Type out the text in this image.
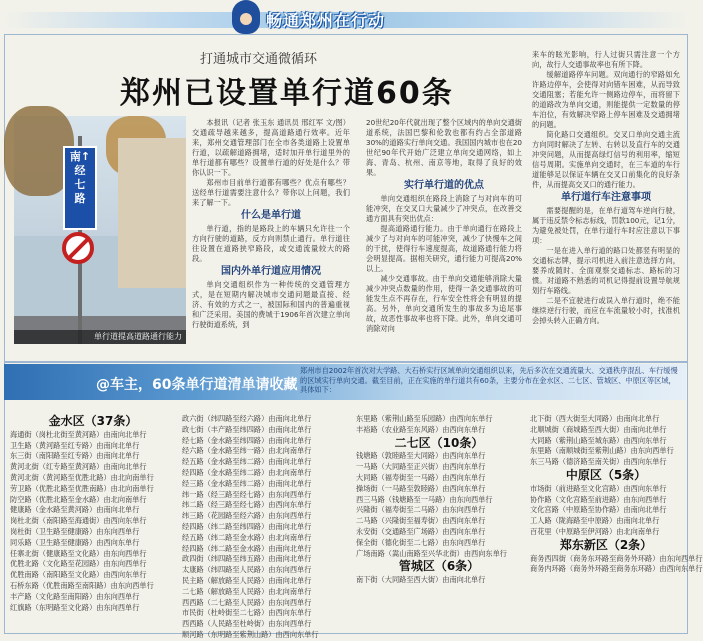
畅通郑州在行动
打通城市交通微循环
郑州已设置单行道60条
南↑
经
七
路
单行道提高道路通行能力

本报讯（记者 张玉东 通讯员 邢红军 文/图）交通疏导越来越多，提高道路通行效率。近年来，郑州交通管理部门在全市各类道路上设置单行道，以疏解道路拥堵，适时加开单行道里外的单行道都有哪些？设置单行道的好处是什么？带你认识一下。

郑州市目前单行道都有哪些？优点有哪些？送经单行道需要注意什么？带你以上问题，我们来了解一下。

什么是单行道

单行道，指的是路段上的车辆只允许往一个方向行驶的道路，反方向则禁止通行。单行道往往设置在道路狭窄路段，或交通流量较大的路段。

国内外单行道应用情况

单向交通组织作为一种传统的交通管理方式，是在短期内解决城市交通问题最直接、经济、有效的方式之一，被国际和国内的普遍重视和广泛采用。美国的费城于1906年首次建立单向行驶街道系统，到

20世纪20年代就出现了整个区域内的单向交通街道系统，法国巴黎和伦敦也都有约占全部道路30%的道路实行单向交通。我国国内城市也在20世纪90年代开始广泛建立单向交通网络，如上海、青岛、杭州、南京等地，取得了良好的效果。

实行单行道的优点

单向交通组织在路段上消除了与对向车的可能冲突，在交叉口大量减少了冲突点，在改善交通方面具有突出优点：

提高道路通行能力。由于单向通行在路段上减少了与对向车的可能冲突，减少了快慢车之间的干扰，使得行车速度提高，故道路通行能力将会明显提高。据相关研究，通行能力可提高20%以上。

减少交通事故。由于单向交通能够消除大量减少冲突点数量的作用，使得一条交通事故的可能发生点不再存在，行车安全性将会有明显的提高。另外，单向交通所发生的事故多为追尾事故，故恶性事故率也将下降。此外，单向交通可消除对向

来车的眩光影响，行人过街只需注意一个方向，故行人交通事故率也有所下降。

缓解道路停车问题。双向通行的窄路如允许路边停车，会使得对向错车困难，从而导致交通阻塞；若能允许一侧路边停车，而将留下的道路改为单向交通，则能提供一定数量的停车泊位，有效解决窄路上停车困难及交通拥堵的问题。

简化路口交通组织。交叉口单向交通主流方向同时解决了左转、右转以及直行车的交通冲突问题，从而提高绿灯信号的利用率，缩短信号周期。实施单向交通时，在三车道的车行道能够足以保证车辆在交叉口前集化的良好条件，从而提高交叉口的通行能力。

单行道行车注意事项

需要提醒的是，在单行道驾车逆向行驶，属于违反禁令标志标线，罚款100元，记1分，为避免被处罚，在单行道行车时应注意以下事项：

一是在进入单行道的路口处都竖有明显的交通标志牌，提示司机进入前注意选择方向，要养成随时、全面观察交通标志、路标的习惯。对道路不熟悉的司机记得提前设置导航规划行车路线。

二是不宜驶进行或误入单行道时，绝不能继续逆行行驶，而应在车流量较小时，找准机会掉头转入正确方向。

@车主，60条单行道清单请收藏
郑州市自2002年首次对大学路、大石桥实行区域单向交通组织以来，先后多次在交通流量大、交通秩序混乱、车行缓慢的区域实行单向交通。截至目前，正在实施的单行道共有60条，主要分布在金水区、二七区、管城区、中原区等区域，具体如下：
金水区（37条）
海通街（岗杜北街至黄河路）由南向北单行
卫生路（黄河路至红专路）由南向北单行
东三街（南阳路至红专路）由南向北单行
黄河北街（红专路至黄河路）由南向北单行
黄河北街（黄河路至优胜北路）由北向南单行
劳卫路（优胜北路至优胜南路）由北向南单行
防空路（优胜北路至金水路）由北向南单行
健康路（金水路至黄河路）由南向北单行
岗杜北街（南阳路至海通街）由西向东单行
岗杜街（卫生路至健康路）由东向西单行
同乐路（卫生路至健康路）由西向东单行
任寨北街（健康路至文化路）由东向西单行
优胜北路（文化路至花园路）由东向西单行
优胜南路（南阳路至文化路）由西向东单行
石桥东路（优胜南路至南阳路）由东向西单行
丰产路（文化路至南阳路）由东向西单行
红旗路（东明路至文化路）由东向西单行
政六街（纬四路至经六路）由南向北单行
政七街（丰产路至纬四路）由南向北单行
经七路（金水路至纬四路）由南向北单行
经六路（金水路至纬一路）由北向南单行
经五路（金水路至纬二路）由南向北单行
经四路（金水路至纬二路）由北向南单行
经三路（金水路至纬二路）由南向北单行
纬一路（经三路至经七路）由东向西单行
纬二路（经三路至经七路）由西向东单行
纬三路（花园路至经六路）由东向西单行
经四路（纬二路至纬四路）由南向北单行
经五路（纬二路至金水路）由北向南单行
经四路（纬二路至金水路）由南向北单行
政四街（纬四路至纬五路）由南向北单行
太康路（纬四路至人民路）由东向西单行
民主路（解放路至人民路）由南向北单行
二七路（解放路至人民路）由北向南单行
西西路（二七路至人民路）由东向西单行
市民街（杜岭街至二七路）由西向东单行
西西路（人民路至杜岭街）由东向西单行
顺河路（东明路至紫荆山路）由西向东单行
东里路（紫荆山路至乐园路）由西向东单行
丰裕路（农业路至东风路）由西向东单行
二七区（10条）
钱塘路（敦睦路至大同路）由西向东单行
一马路（大同路至正兴街）由西向东单行
大同路（福寿街至一马路）由西向东单行
操场街（一马路至敦睦路）由西向东单行
西三马路（钱塘路至一马路）由东向西单行
兴隆街（福寿街至二马路）由东向西单行
二马路（兴隆街至福寿街）由西向东单行
永安街（交通路至广场路）由西向东单行
保全街（德化街至二七路）由东向西单行
广场南路（嵩山南路至兴华北街）由西向东单行
管城区（6条）
南下街（大同路至西大街）由南向北单行
北下街（西大街至大同路）由南向北单行
北顺城街（商城路至西大街）由南向北单行
大同路（紫荆山路至城东路）由西向东单行
东里路（南顺城街至紫荆山路）由东向西单行
东三马路（德济路至南关街）由西向东单行
中原区（5条）
市场街（前进路至文化宫路）由西向东单行
协作路（文化宫路至前进路）由东向西单行
文化宫路（中原路至协作路）由南向北单行
工人路（陇海路至中原路）由南向北单行
百花里（中原路至伊河路）由北向南单行
郑东新区（2条）
商务西四街（商务东环路至商务外环路）由东向西单行
商务内环路（商务外环路至商务东环路）由西向东单行
